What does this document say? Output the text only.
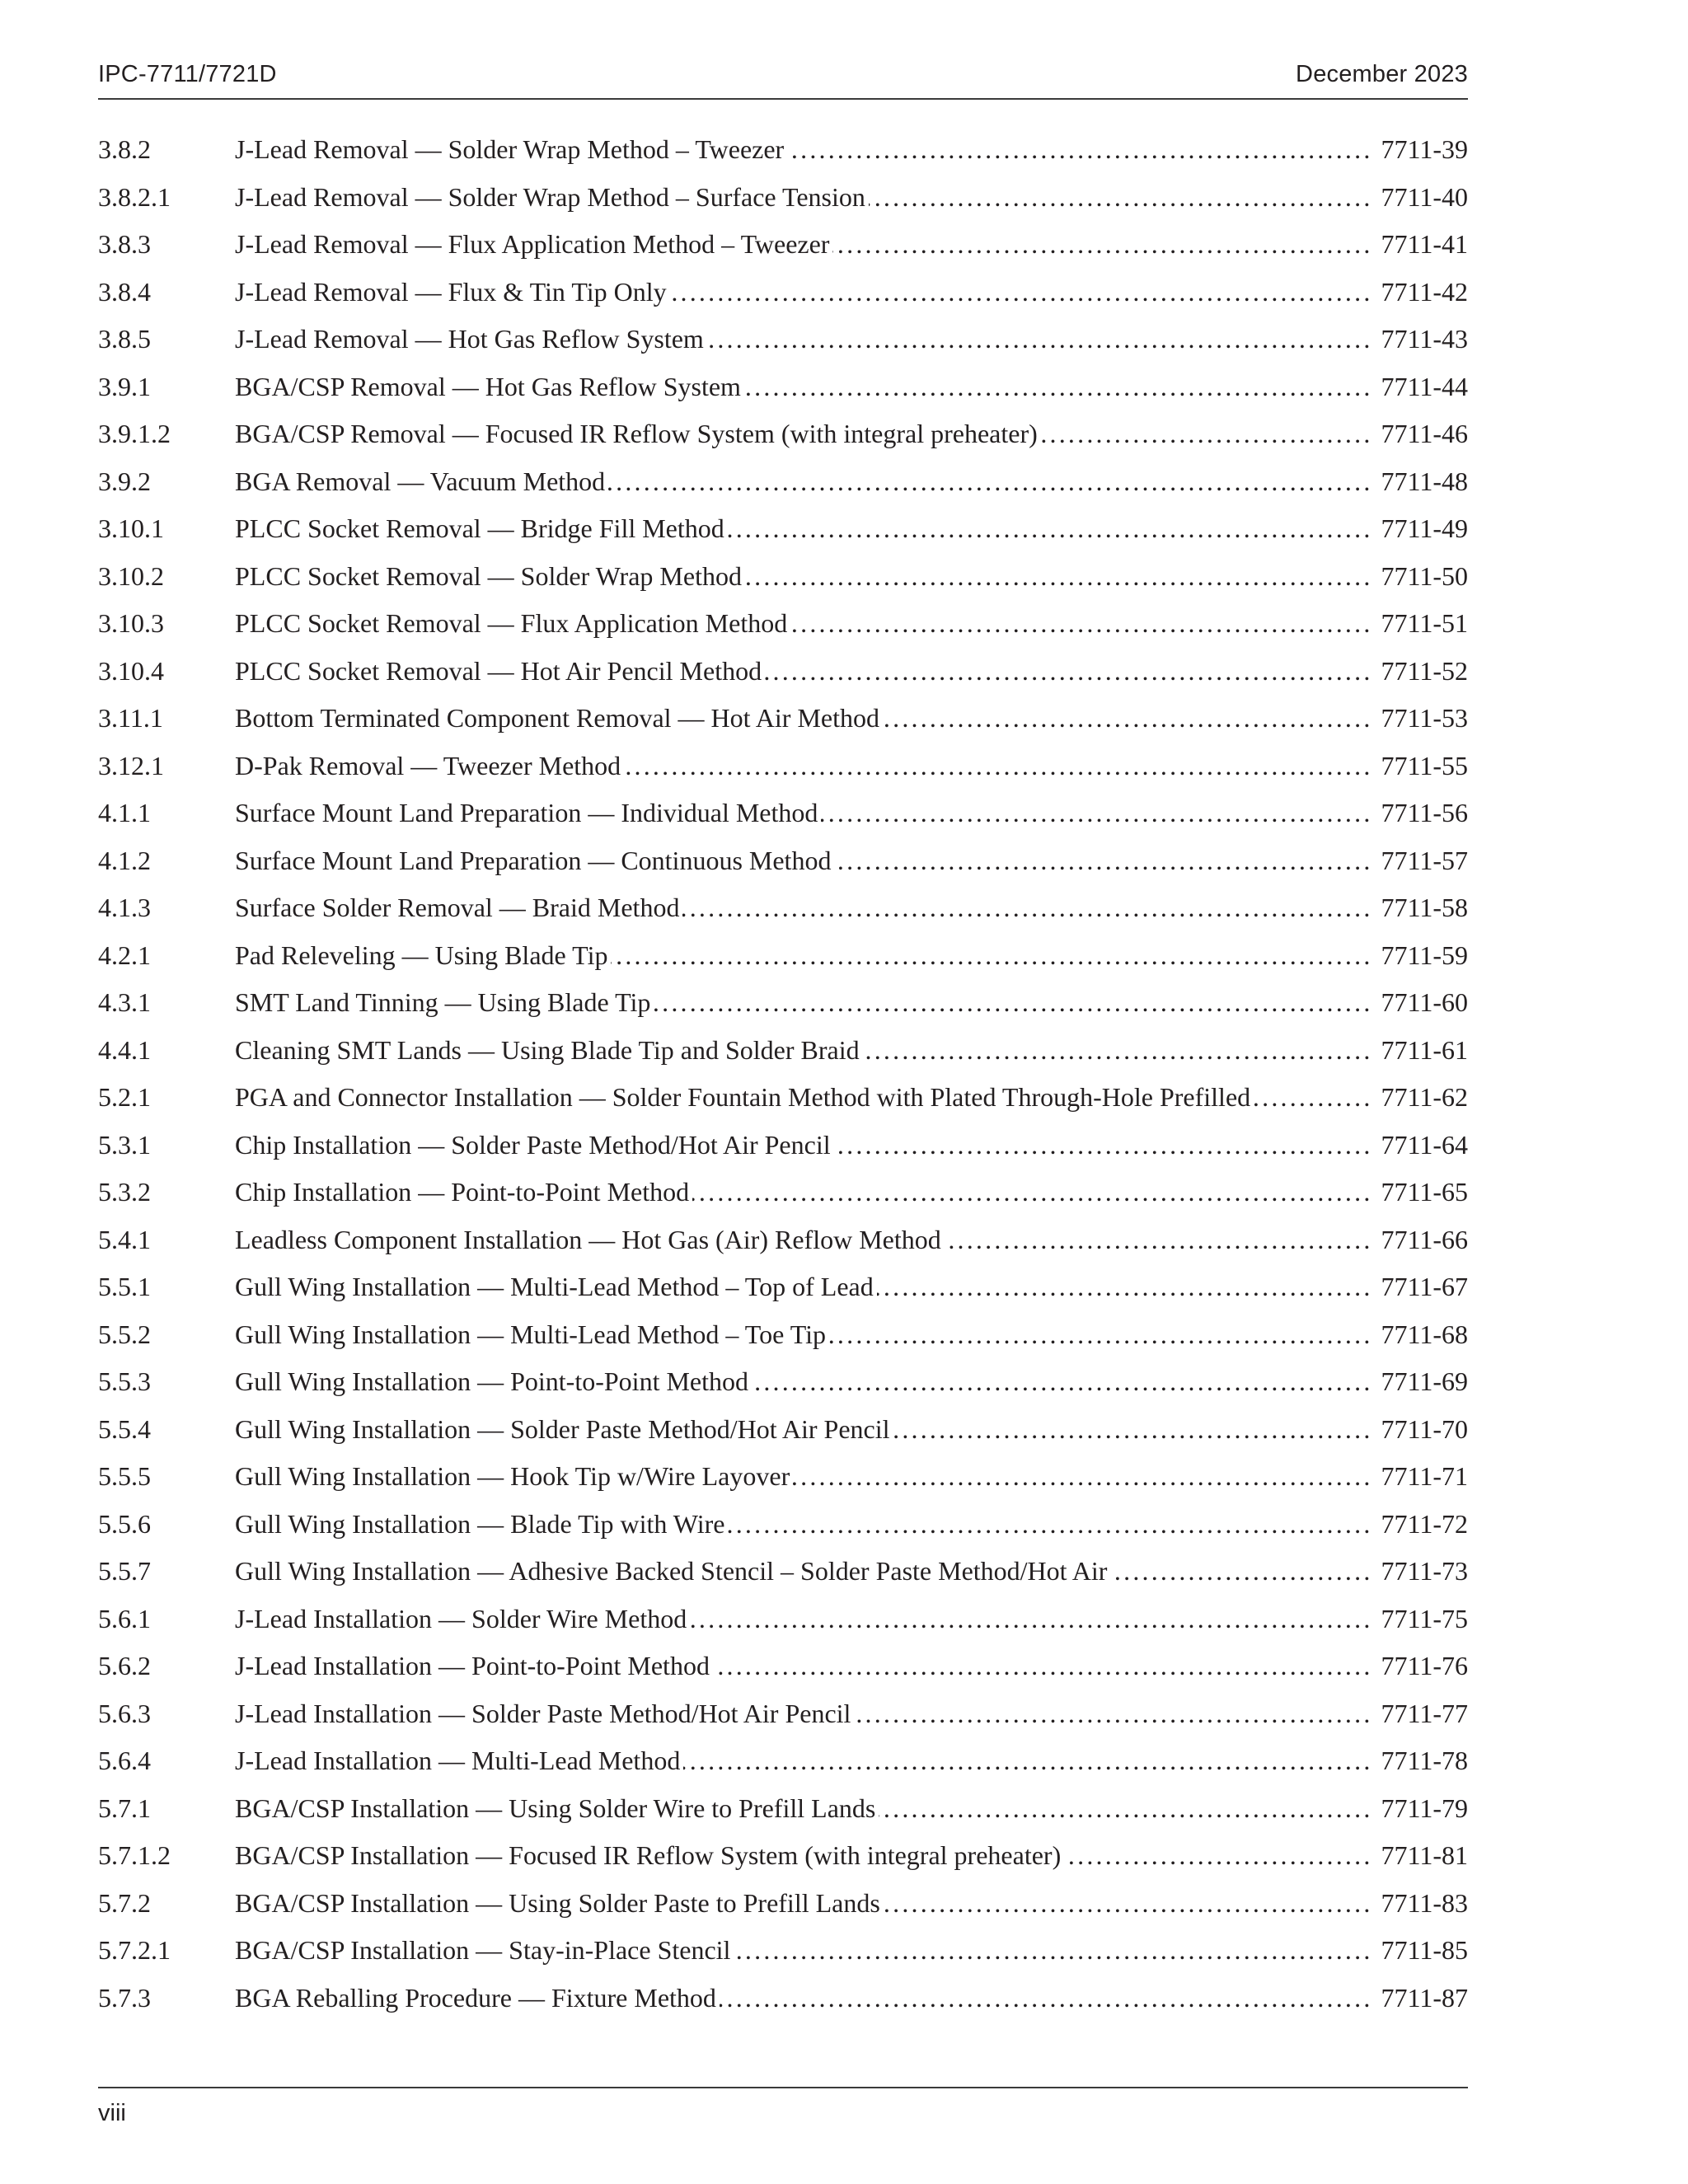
IPC-7711/7721D	December 2023
3.8.2	J-Lead Removal — Solder Wrap Method – Tweezer .....	7711-39
3.8.2.1	J-Lead Removal — Solder Wrap Method – Surface Tension .....	7711-40
3.8.3	J-Lead Removal — Flux Application Method – Tweezer .....	7711-41
3.8.4	J-Lead Removal — Flux & Tin Tip Only .....	7711-42
3.8.5	J-Lead Removal — Hot Gas Reflow System .....	7711-43
3.9.1	BGA/CSP Removal — Hot Gas Reflow System .....	7711-44
3.9.1.2	BGA/CSP Removal — Focused IR Reflow System (with integral preheater) .....	7711-46
3.9.2	BGA Removal — Vacuum Method .....	7711-48
3.10.1	PLCC Socket Removal — Bridge Fill Method .....	7711-49
3.10.2	PLCC Socket Removal — Solder Wrap Method .....	7711-50
3.10.3	PLCC Socket Removal — Flux Application Method .....	7711-51
3.10.4	PLCC Socket Removal — Hot Air Pencil Method .....	7711-52
3.11.1	Bottom Terminated Component Removal — Hot Air Method .....	7711-53
3.12.1	D-Pak Removal — Tweezer Method .....	7711-55
4.1.1	Surface Mount Land Preparation — Individual Method .....	7711-56
4.1.2	Surface Mount Land Preparation — Continuous Method .....	7711-57
4.1.3	Surface Solder Removal — Braid Method .....	7711-58
4.2.1	Pad Releveling — Using Blade Tip .....	7711-59
4.3.1	SMT Land Tinning — Using Blade Tip .....	7711-60
4.4.1	Cleaning SMT Lands — Using Blade Tip and Solder Braid .....	7711-61
5.2.1	PGA and Connector Installation — Solder Fountain Method with Plated Through-Hole Prefilled .....	7711-62
5.3.1	Chip Installation — Solder Paste Method/Hot Air Pencil .....	7711-64
5.3.2	Chip Installation — Point-to-Point Method .....	7711-65
5.4.1	Leadless Component Installation — Hot Gas (Air) Reflow Method .....	7711-66
5.5.1	Gull Wing Installation — Multi-Lead Method – Top of Lead .....	7711-67
5.5.2	Gull Wing Installation — Multi-Lead Method – Toe Tip .....	7711-68
5.5.3	Gull Wing Installation — Point-to-Point Method .....	7711-69
5.5.4	Gull Wing Installation — Solder Paste Method/Hot Air Pencil .....	7711-70
5.5.5	Gull Wing Installation — Hook Tip w/Wire Layover .....	7711-71
5.5.6	Gull Wing Installation — Blade Tip with Wire .....	7711-72
5.5.7	Gull Wing Installation — Adhesive Backed Stencil – Solder Paste Method/Hot Air .....	7711-73
5.6.1	J-Lead Installation — Solder Wire Method .....	7711-75
5.6.2	J-Lead Installation — Point-to-Point Method .....	7711-76
5.6.3	J-Lead Installation — Solder Paste Method/Hot Air Pencil .....	7711-77
5.6.4	J-Lead Installation — Multi-Lead Method .....	7711-78
5.7.1	BGA/CSP Installation — Using Solder Wire to Prefill Lands .....	7711-79
5.7.1.2	BGA/CSP Installation — Focused IR Reflow System (with integral preheater) .....	7711-81
5.7.2	BGA/CSP Installation — Using Solder Paste to Prefill Lands .....	7711-83
5.7.2.1	BGA/CSP Installation — Stay-in-Place Stencil .....	7711-85
5.7.3	BGA Reballing Procedure — Fixture Method .....	7711-87
viii
